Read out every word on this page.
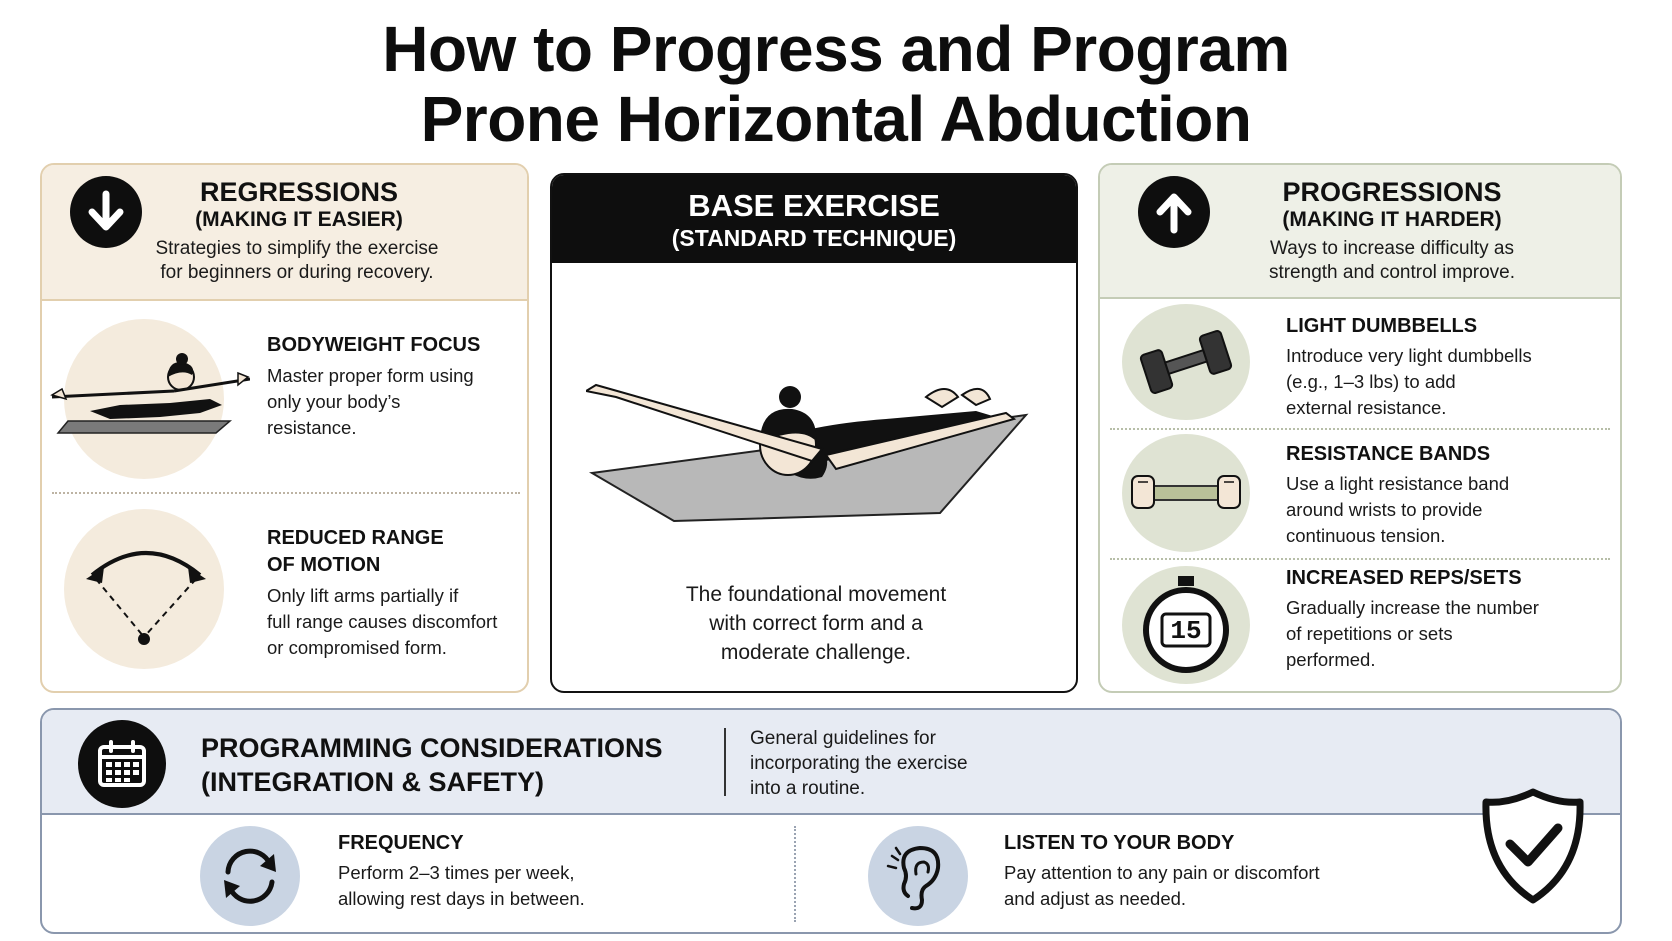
How to Progress and Program
Prone Horizontal Abduction
REGRESSIONS
(MAKING IT EASIER)
Strategies to simplify the exercise
for beginners or during recovery.
BODYWEIGHT FOCUS
Master proper form using
only your body’s
resistance.
REDUCED RANGE
OF MOTION
Only lift arms partially if
full range causes discomfort
or compromised form.
BASE EXERCISE
(STANDARD TECHNIQUE)
The foundational movement
with correct form and a
moderate challenge.
PROGRESSIONS
(MAKING IT HARDER)
Ways to increase difficulty as
strength and control improve.
LIGHT DUMBBELLS
Introduce very light dumbbells
(e.g., 1–3 lbs) to add
external resistance.
RESISTANCE BANDS
Use a light resistance band
around wrists to provide
continuous tension.
15
INCREASED REPS/SETS
Gradually increase the number
of repetitions or sets
performed.
PROGRAMMING CONSIDERATIONS
(INTEGRATION & SAFETY)
General guidelines for
incorporating the exercise
into a routine.
FREQUENCY
Perform 2–3 times per week,
allowing rest days in between.
LISTEN TO YOUR BODY
Pay attention to any pain or discomfort
and adjust as needed.
